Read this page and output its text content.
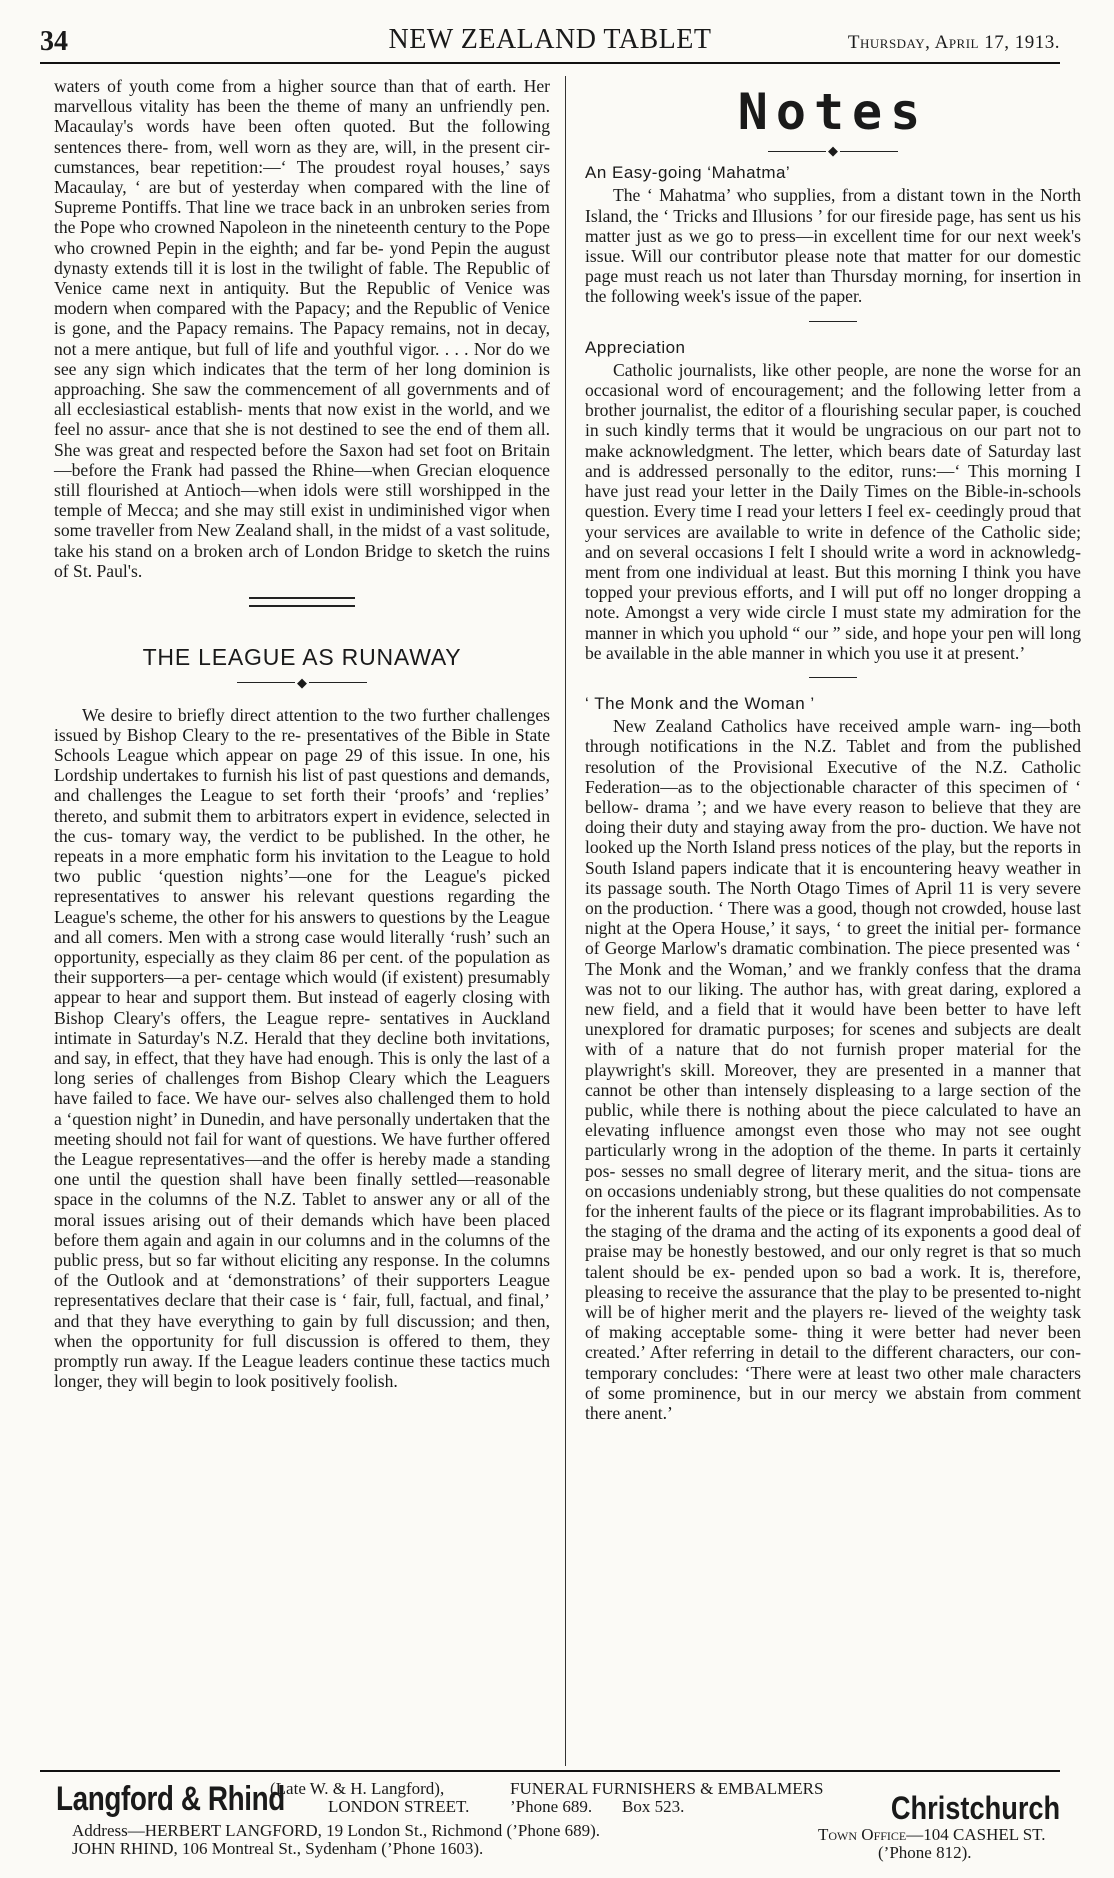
34	NEW ZEALAND TABLET	Thursday, April 17, 1913.

waters of youth come from a higher source than that of earth. Her marvellous vitality has been the theme of many an unfriendly pen. Macaulay's words have been often quoted. But the following sentences there- from, well worn as they are, will, in the present cir- cumstances, bear repetition:—‘ The proudest royal houses,’ says Macaulay, ‘ are but of yesterday when compared with the line of Supreme Pontiffs. That line we trace back in an unbroken series from the Pope who crowned Napoleon in the nineteenth century to the Pope who crowned Pepin in the eighth; and far be- yond Pepin the august dynasty extends till it is lost in the twilight of fable. The Republic of Venice came next in antiquity. But the Republic of Venice was modern when compared with the Papacy; and the Republic of Venice is gone, and the Papacy remains. The Papacy remains, not in decay, not a mere antique, but full of life and youthful vigor. . . . Nor do we see any sign which indicates that the term of her long dominion is approaching. She saw the commencement of all governments and of all ecclesiastical establish- ments that now exist in the world, and we feel no assur- ance that she is not destined to see the end of them all. She was great and respected before the Saxon had set foot on Britain—before the Frank had passed the Rhine—when Grecian eloquence still flourished at Antioch—when idols were still worshipped in the temple of Mecca; and she may still exist in undiminished vigor when some traveller from New Zealand shall, in the midst of a vast solitude, take his stand on a broken arch of London Bridge to sketch the ruins of St. Paul's.

THE LEAGUE AS RUNAWAY
◆

We desire to briefly direct attention to the two further challenges issued by Bishop Cleary to the re- presentatives of the Bible in State Schools League which appear on page 29 of this issue. In one, his Lordship undertakes to furnish his list of past questions and demands, and challenges the League to set forth their ‘proofs’ and ‘replies’ thereto, and submit them to arbitrators expert in evidence, selected in the cus- tomary way, the verdict to be published. In the other, he repeats in a more emphatic form his invitation to the League to hold two public ‘question nights’—one for the League's picked representatives to answer his relevant questions regarding the League's scheme, the other for his answers to questions by the League and all comers. Men with a strong case would literally ‘rush’ such an opportunity, especially as they claim 86 per cent. of the population as their supporters—a per- centage which would (if existent) presumably appear to hear and support them. But instead of eagerly closing with Bishop Cleary's offers, the League repre- sentatives in Auckland intimate in Saturday's N.Z. Herald that they decline both invitations, and say, in effect, that they have had enough. This is only the last of a long series of challenges from Bishop Cleary which the Leaguers have failed to face. We have our- selves also challenged them to hold a ‘question night’ in Dunedin, and have personally undertaken that the meeting should not fail for want of questions. We have further offered the League representatives—and the offer is hereby made a standing one until the question shall have been finally settled—reasonable space in the columns of the N.Z. Tablet to answer any or all of the moral issues arising out of their demands which have been placed before them again and again in our columns and in the columns of the public press, but so far without eliciting any response. In the columns of the Outlook and at ‘demonstrations’ of their supporters League representatives declare that their case is ‘ fair, full, factual, and final,’ and that they have everything to gain by full discussion; and then, when the opportunity for full discussion is offered to them, they promptly run away. If the League leaders continue these tactics much longer, they will begin to look positively foolish.

Notes
◆
An Easy-going ‘Mahatma’

The ‘ Mahatma’ who supplies, from a distant town in the North Island, the ‘ Tricks and Illusions ’ for our fireside page, has sent us his matter just as we go to press—in excellent time for our next week's issue. Will our contributor please note that matter for our domestic page must reach us not later than Thursday morning, for insertion in the following week's issue of the paper.

Appreciation

Catholic journalists, like other people, are none the worse for an occasional word of encouragement; and the following letter from a brother journalist, the editor of a flourishing secular paper, is couched in such kindly terms that it would be ungracious on our part not to make acknowledgment. The letter, which bears date of Saturday last and is addressed personally to the editor, runs:—‘ This morning I have just read your letter in the Daily Times on the Bible-in-schools question. Every time I read your letters I feel ex- ceedingly proud that your services are available to write in defence of the Catholic side; and on several occasions I felt I should write a word in acknowledg- ment from one individual at least. But this morning I think you have topped your previous efforts, and I will put off no longer dropping a note. Amongst a very wide circle I must state my admiration for the manner in which you uphold “ our ” side, and hope your pen will long be available in the able manner in which you use it at present.’

‘ The Monk and the Woman ’

New Zealand Catholics have received ample warn- ing—both through notifications in the N.Z. Tablet and from the published resolution of the Provisional Executive of the N.Z. Catholic Federation—as to the objectionable character of this specimen of ‘ bellow- drama ’; and we have every reason to believe that they are doing their duty and staying away from the pro- duction. We have not looked up the North Island press notices of the play, but the reports in South Island papers indicate that it is encountering heavy weather in its passage south. The North Otago Times of April 11 is very severe on the production. ‘ There was a good, though not crowded, house last night at the Opera House,’ it says, ‘ to greet the initial per- formance of George Marlow's dramatic combination. The piece presented was ‘ The Monk and the Woman,’ and we frankly confess that the drama was not to our liking. The author has, with great daring, explored a new field, and a field that it would have been better to have left unexplored for dramatic purposes; for scenes and subjects are dealt with of a nature that do not furnish proper material for the playwright's skill. Moreover, they are presented in a manner that cannot be other than intensely displeasing to a large section of the public, while there is nothing about the piece calculated to have an elevating influence amongst even those who may not see ought particularly wrong in the adoption of the theme. In parts it certainly pos- sesses no small degree of literary merit, and the situa- tions are on occasions undeniably strong, but these qualities do not compensate for the inherent faults of the piece or its flagrant improbabilities. As to the staging of the drama and the acting of its exponents a good deal of praise may be honestly bestowed, and our only regret is that so much talent should be ex- pended upon so bad a work. It is, therefore, pleasing to receive the assurance that the play to be presented to-night will be of higher merit and the players re- lieved of the weighty task of making acceptable some- thing it were better had never been created.’ After referring in detail to the different characters, our con- temporary concludes: ‘There were at least two other male characters of some prominence, but in our mercy we abstain from comment there anent.’

Langford & Rhind
(Late W. & H. Langford),	FUNERAL FURNISHERS & EMBALMERS
LONDON STREET. ’Phone 689. Box 523.	Christchurch
Address—HERBERT LANGFORD, 19 London St., Richmond (’Phone 689).
JOHN RHIND, 106 Montreal St., Sydenham (’Phone 1603).
Town Office—104 CASHEL ST.
(’Phone 812).
